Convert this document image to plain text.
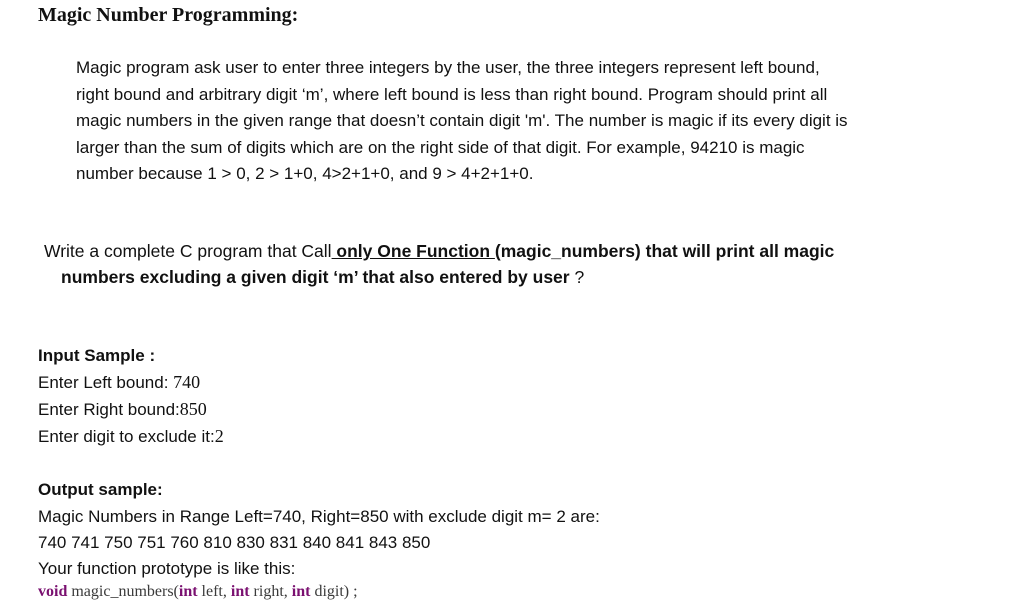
Magic Number Programming:
Magic program ask user to enter three integers by the user, the three integers represent left bound,
right bound and arbitrary digit ‘m’, where left bound is less than right bound. Program should print all
magic numbers in the given range that doesn’t contain digit 'm'. The number is magic if its every digit is
larger than the sum of digits which are on the right side of that digit. For example, 94210 is magic
number because 1 > 0, 2 > 1+0, 4>2+1+0, and 9 > 4+2+1+0.
Write a complete C program that Call only One Function (magic_numbers) that will print all magic
numbers excluding a given digit ‘m’ that also entered by user ?
Input Sample :
Enter Left bound: 740
Enter Right bound:850
Enter digit to exclude it:2
Output sample:
Magic Numbers in Range Left=740, Right=850 with exclude digit m= 2 are:
740 741 750 751 760 810 830 831 840 841 843 850
Your function prototype is like this:
void magic_numbers(int left, int right, int digit) ;
